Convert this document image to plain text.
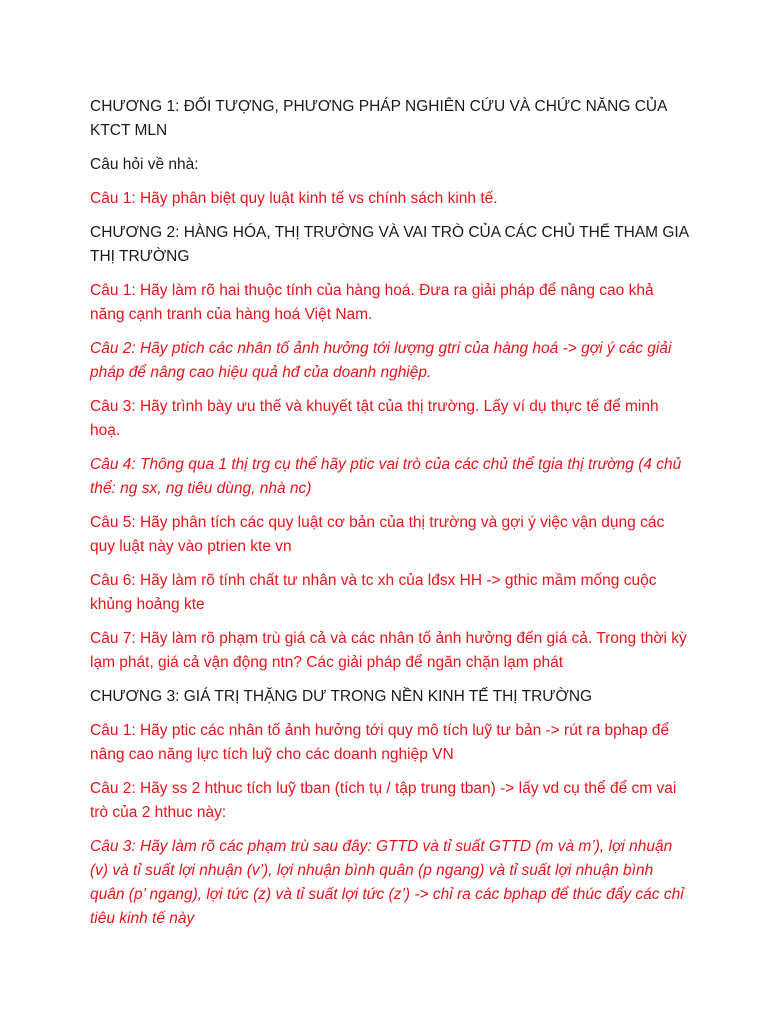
CHƯƠNG 1: ĐỐI TƯỢNG, PHƯƠNG PHÁP NGHIÊN CỨU VÀ CHỨC NĂNG CỦA KTCT MLN

Câu hỏi về nhà:

Câu 1: Hãy phân biệt quy luật kinh tế vs chính sách kinh tế.

CHƯƠNG 2: HÀNG HÓA, THỊ TRƯỜNG VÀ VAI TRÒ CỦA CÁC CHỦ THỂ THAM GIA THỊ TRƯỜNG

Câu 1: Hãy làm rõ hai thuộc tính của hàng hoá. Đưa ra giải pháp để nâng cao khả năng cạnh tranh của hàng hoá Việt Nam.

Câu 2: Hãy ptich các nhân tố ảnh hưởng tới lượng gtri của hàng hoá -> gợi ý các giải pháp để nâng cao hiệu quả hđ của doanh nghiệp.

Câu 3: Hãy trình bày ưu thế và khuyết tật của thị trường. Lấy ví dụ thực tế để minh hoạ.

Câu 4: Thông qua 1 thị trg cụ thể hãy ptic vai trò của các chủ thể tgia thị trường (4 chủ thể: ng sx, ng tiêu dùng, nhà nc)

Câu 5: Hãy phân tích các quy luật cơ bản của thị trường và gợi ý việc vận dụng các quy luật này vào ptrien kte vn

Câu 6: Hãy làm rõ tính chất tư nhân và tc xh của lđsx HH -> gthic mầm mống cuộc khủng hoảng kte

Câu 7: Hãy làm rõ phạm trù giá cả và các nhân tố ảnh hưởng đến giá cả. Trong thời kỳ lạm phát, giá cả vận động ntn? Các giải pháp để ngăn chặn lạm phát

CHƯƠNG 3: GIÁ TRỊ THẶNG DƯ TRONG NỀN KINH TẾ THỊ TRƯỜNG

Câu 1: Hãy ptic các nhân tố ảnh hưởng tới quy mô tích luỹ tư bản -> rút ra bphap để nâng cao năng lực tích luỹ cho các doanh nghiệp VN

Câu 2: Hãy ss 2 hthuc tích luỹ tban (tích tụ / tập trung tban) -> lấy vd cụ thể để cm vai trò của 2 hthuc này:

Câu 3: Hãy làm rõ các phạm trù sau đây: GTTD và tỉ suất GTTD (m và m’), lợi nhuận (v) và tỉ suất lợi nhuận (v’), lợi nhuận bình quân (p ngang) và tỉ suất lợi nhuận bình quân (p’ ngang), lợi tức (z) và tỉ suất lợi tức (z’) -> chỉ ra các bphap để thúc đẩy các chỉ tiêu kinh tế này
